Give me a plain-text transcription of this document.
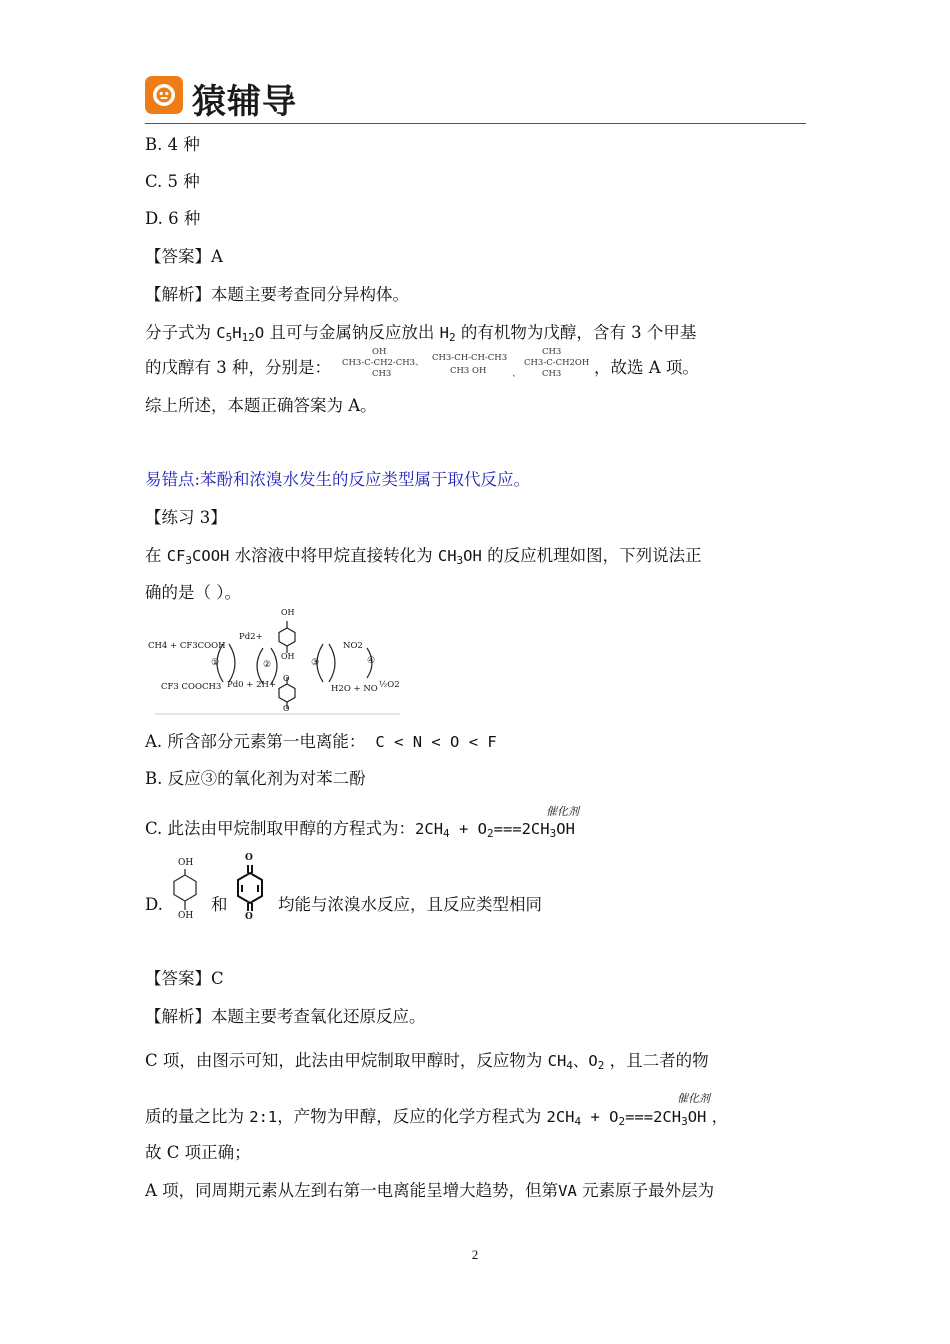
猿辅导
B. 4 种
C. 5 种
D. 6 种
【答案】A
【解析】本题主要考查同分异构体。
分子式为 $C_5H_{12}O$ 且可与金属钠反应放出 $H_2$ 的有机物为戊醇，含有 3 个甲基
的戊醇有 3 种，分别是：
OH
CH3-C-CH2-CH3、
CH3
CH3-CH-CH-CH3
CH3 OH	、
CH3
CH3-C-CH2OH
CH3	，故选 A 项。
综上所述，本题正确答案为 A。
易错点:苯酚和浓溴水发生的反应类型属于取代反应。
【练习 3】
在 $CF_3COOH$ 水溶液中将甲烷直接转化为 $CH_3OH$ 的反应机理如图，下列说法正
确的是（ ）。
CH4 + CF3COOH
Pd2+
OH
OH
NO2
①	②	③	④
CF3 COOCH3 Pd0 + 2H+
O
O
H2O + NO ½O2
A. 所含部分元素第一电离能： C < N < O < F
B. 反应③的氧化剂为对苯二酚
催化剂
C. 此法由甲烷制取甲醇的方程式为：$2CH_4 + O_2===2CH_3OH$
D.
OH
OH
和
O
O
均能与浓溴水反应，且反应类型相同
【答案】C
【解析】本题主要考查氧化还原反应。
C 项，由图示可知，此法由甲烷制取甲醇时，反应物为 $CH_4$、$O_2$ ，且二者的物
催化剂
质的量之比为 2:1，产物为甲醇，反应的化学方程式为 $2CH_4 + O_2===2CH_3OH$ ，
故 C 项正确；
A 项，同周期元素从左到右第一电离能呈增大趋势，但第VA 元素原子最外层为
2
